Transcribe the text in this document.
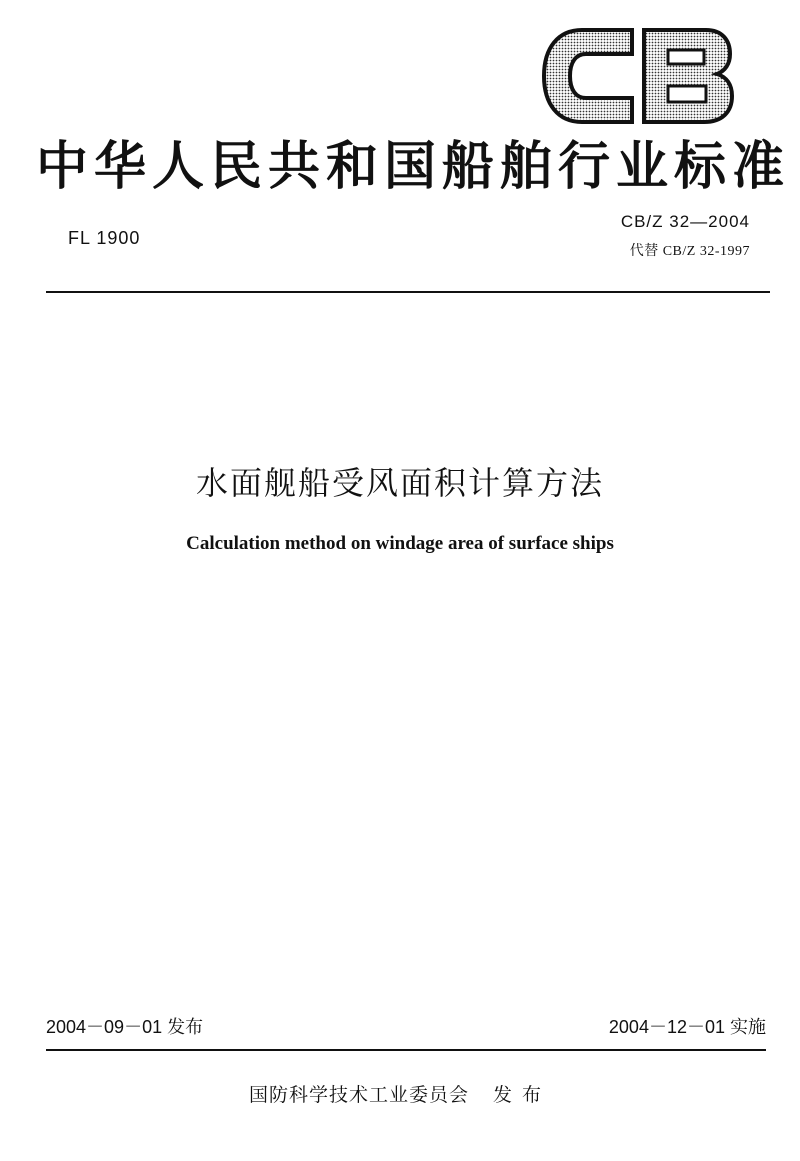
中华人民共和国船舶行业标准
FL 1900
CB/Z 32—2004
代替 CB/Z 32-1997
水面舰船受风面积计算方法
Calculation method on windage area of surface ships
2004－09－01 发布	2004－12－01 实施
国防科学技术工业委员会 发布
